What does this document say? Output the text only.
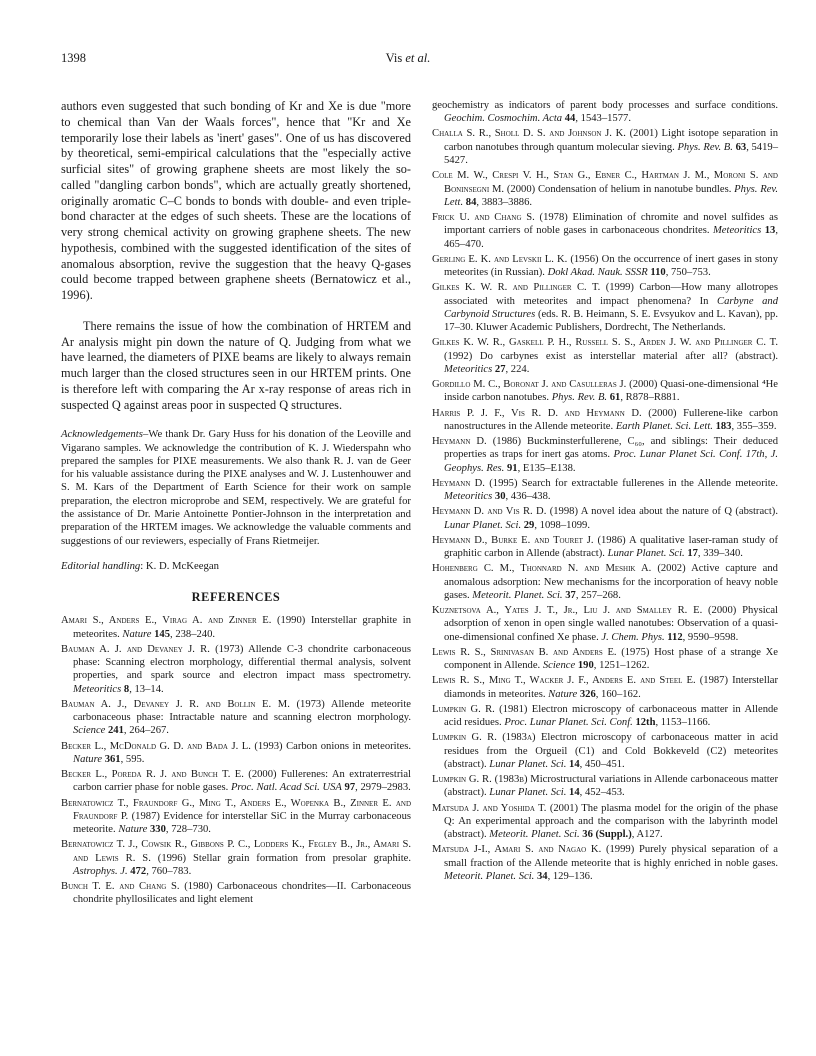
1398	Vis et al.

authors even suggested that such bonding of Kr and Xe is due "more to chemical than Van der Waals forces", hence that "Kr and Xe temporarily lose their labels as 'inert' gases". One of us has discovered by theoretical, semi-empirical calculations that the "especially active surficial sites" of growing graphene sheets are most likely the so-called "dangling carbon bonds", which are actually greatly shortened, originally aromatic C–C bonds to bonds with double- and even triple-bond character at the edges of such sheets. These are the locations of very strong chemical activity on growing graphene sheets. The new hypothesis, combined with the suggested identification of the sites of anomalous absorption, revive the suggestion that the heavy Q-gases could become trapped between graphene sheets (Bernatowicz et al., 1996).

There remains the issue of how the combination of HRTEM and Ar analysis might pin down the nature of Q. Judging from what we have learned, the diameters of PIXE beams are likely to always remain much larger than the closed structures seen in our HRTEM prints. One is therefore left with comparing the Ar x-ray response of areas rich in suspected Q against areas poor in suspected Q structures.

Acknowledgements–We thank Dr. Gary Huss for his donation of the Leoville and Vigarano samples. We acknowledge the contribution of K. J. Wiederspahn who prepared the samples for PIXE measurements. We also thank R. J. van de Geer for his valuable assistance during the PIXE analyses and W. J. Lustenhouwer and S. M. Kars of the Department of Earth Science for their work on sample preparation, the electron microprobe and SEM, respectively. We are grateful for the assistance of Dr. Marie Antoinette Pontier-Johnson in the interpretation and preparation of the HRTEM images. We acknowledge the valuable comments and suggestions of our reviewers, especially of Frans Rietmeijer.

Editorial handling: K. D. McKeegan

REFERENCES
Amari S., Anders E., Virag A. and Zinner E. (1990) Interstellar graphite in meteorites. Nature 145, 238–240.
Bauman A. J. and Devaney J. R. (1973) Allende C-3 chondrite carbonaceous phase: Scanning electron morphology, differential thermal analysis, solvent properties, and spark source and electron impact mass spectrometry. Meteoritics 8, 13–14.
Bauman A. J., Devaney J. R. and Bollin E. M. (1973) Allende meteorite carbonaceous phase: Intractable nature and scanning electron morphology. Science 241, 264–267.
Becker L., McDonald G. D. and Bada J. L. (1993) Carbon onions in meteorites. Nature 361, 595.
Becker L., Poreda R. J. and Bunch T. E. (2000) Fullerenes: An extraterrestrial carbon carrier phase for noble gases. Proc. Natl. Acad Sci. USA 97, 2979–2983.
Bernatowicz T., Fraundorf G., Ming T., Anders E., Wopenka B., Zinner E. and Fraundorf P. (1987) Evidence for interstellar SiC in the Murray carbonaceous meteorite. Nature 330, 728–730.
Bernatowicz T. J., Cowsik R., Gibbons P. C., Lodders K., Fegley B., Jr., Amari S. and Lewis R. S. (1996) Stellar grain formation from presolar graphite. Astrophys. J. 472, 760–783.
Bunch T. E. and Chang S. (1980) Carbonaceous chondrites—II. Carbonaceous chondrite phyllosilicates and light element
geochemistry as indicators of parent body processes and surface conditions. Geochim. Cosmochim. Acta 44, 1543–1577.
Challa S. R., Sholl D. S. and Johnson J. K. (2001) Light isotope separation in carbon nanotubes through quantum molecular sieving. Phys. Rev. B. 63, 5419–5427.
Cole M. W., Crespi V. H., Stan G., Ebner C., Hartman J. M., Moroni S. and Boninsegni M. (2000) Condensation of helium in nanotube bundles. Phys. Rev. Lett. 84, 3883–3886.
Frick U. and Chang S. (1978) Elimination of chromite and novel sulfides as important carriers of noble gases in carbonaceous chondrites. Meteoritics 13, 465–470.
Gerling E. K. and Levskii L. K. (1956) On the occurrence of inert gases in stony meteorites (in Russian). Dokl Akad. Nauk. SSSR 110, 750–753.
Gilkes K. W. R. and Pillinger C. T. (1999) Carbon—How many allotropes associated with meteorites and impact phenomena? In Carbyne and Carbynoid Structures (eds. R. B. Heimann, S. E. Evsyukov and L. Kavan), pp. 17–30. Kluwer Academic Publishers, Dordrecht, The Netherlands.
Gilkes K. W. R., Gaskell P. H., Russell S. S., Arden J. W. and Pillinger C. T. (1992) Do carbynes exist as interstellar material after all? (abstract). Meteoritics 27, 224.
Gordillo M. C., Boronat J. and Casulleras J. (2000) Quasi-one-dimensional ⁴He inside carbon nanotubes. Phys. Rev. B. 61, R878–R881.
Harris P. J. F., Vis R. D. and Heymann D. (2000) Fullerene-like carbon nanostructures in the Allende meteorite. Earth Planet. Sci. Lett. 183, 355–359.
Heymann D. (1986) Buckminsterfullerene, C₆₀, and siblings: Their deduced properties as traps for inert gas atoms. Proc. Lunar Planet Sci. Conf. 17th, J. Geophys. Res. 91, E135–E138.
Heymann D. (1995) Search for extractable fullerenes in the Allende meteorite. Meteoritics 30, 436–438.
Heymann D. and Vis R. D. (1998) A novel idea about the nature of Q (abstract). Lunar Planet. Sci. 29, 1098–1099.
Heymann D., Burke E. and Touret J. (1986) A qualitative laser-raman study of graphitic carbon in Allende (abstract). Lunar Planet. Sci. 17, 339–340.
Hohenberg C. M., Thonnard N. and Meshik A. (2002) Active capture and anomalous adsorption: New mechanisms for the incorporation of heavy noble gases. Meteorit. Planet. Sci. 37, 257–268.
Kuznetsova A., Yates J. T., Jr., Liu J. and Smalley R. E. (2000) Physical adsorption of xenon in open single walled nanotubes: Observation of a quasi-one-dimensional confined Xe phase. J. Chem. Phys. 112, 9590–9598.
Lewis R. S., Srinivasan B. and Anders E. (1975) Host phase of a strange Xe component in Allende. Science 190, 1251–1262.
Lewis R. S., Ming T., Wacker J. F., Anders E. and Steel E. (1987) Interstellar diamonds in meteorites. Nature 326, 160–162.
Lumpkin G. R. (1981) Electron microscopy of carbonaceous matter in Allende acid residues. Proc. Lunar Planet. Sci. Conf. 12th, 1153–1166.
Lumpkin G. R. (1983a) Electron microscopy of carbonaceous matter in acid residues from the Orgueil (C1) and Cold Bokkeveld (C2) meteorites (abstract). Lunar Planet. Sci. 14, 450–451.
Lumpkin G. R. (1983b) Microstructural variations in Allende carbonaceous matter (abstract). Lunar Planet. Sci. 14, 452–453.
Matsuda J. and Yoshida T. (2001) The plasma model for the origin of the phase Q: An experimental approach and the comparison with the labyrinth model (abstract). Meteorit. Planet. Sci. 36 (Suppl.), A127.
Matsuda J-I., Amari S. and Nagao K. (1999) Purely physical separation of a small fraction of the Allende meteorite that is highly enriched in noble gases. Meteorit. Planet. Sci. 34, 129–136.
